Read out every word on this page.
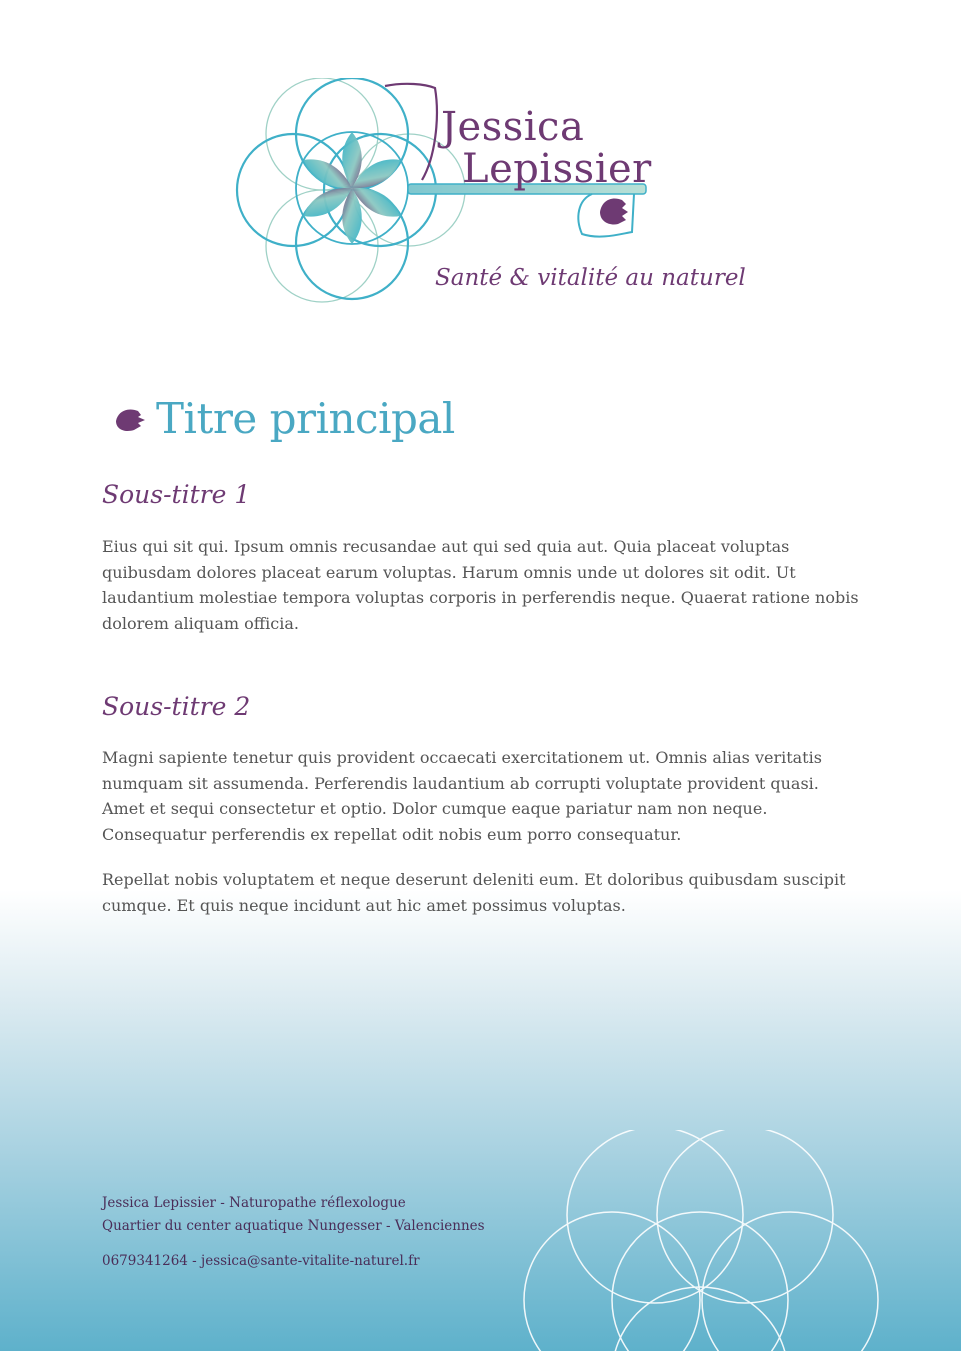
Jessica
Lepissier
Santé & vitalité au naturel
Titre principal
Sous-titre 1

Eius qui sit qui. Ipsum omnis recusandae aut qui sed quia aut. Quia placeat voluptas quibusdam dolores placeat earum voluptas. Harum omnis unde ut dolores sit odit. Ut laudantium molestiae tempora voluptas corporis in perferendis neque. Quaerat ratione nobis dolorem aliquam officia.

Sous-titre 2

Magni sapiente tenetur quis provident occaecati exercitationem ut. Omnis alias veritatis numquam sit assumenda. Perferendis laudantium ab corrupti voluptate provident quasi. Amet et sequi consectetur et optio. Dolor cumque eaque pariatur nam non neque. Consequatur perferendis ex repellat odit nobis eum porro consequatur.

Repellat nobis voluptatem et neque deserunt deleniti eum. Et doloribus quibusdam suscipit cumque. Et quis neque incidunt aut hic amet possimus voluptas.

Jessica Lepissier - Naturopathe réflexologue
Quartier du center aquatique Nungesser - Valenciennes
0679341264 - jessica@sante-vitalite-naturel.fr
